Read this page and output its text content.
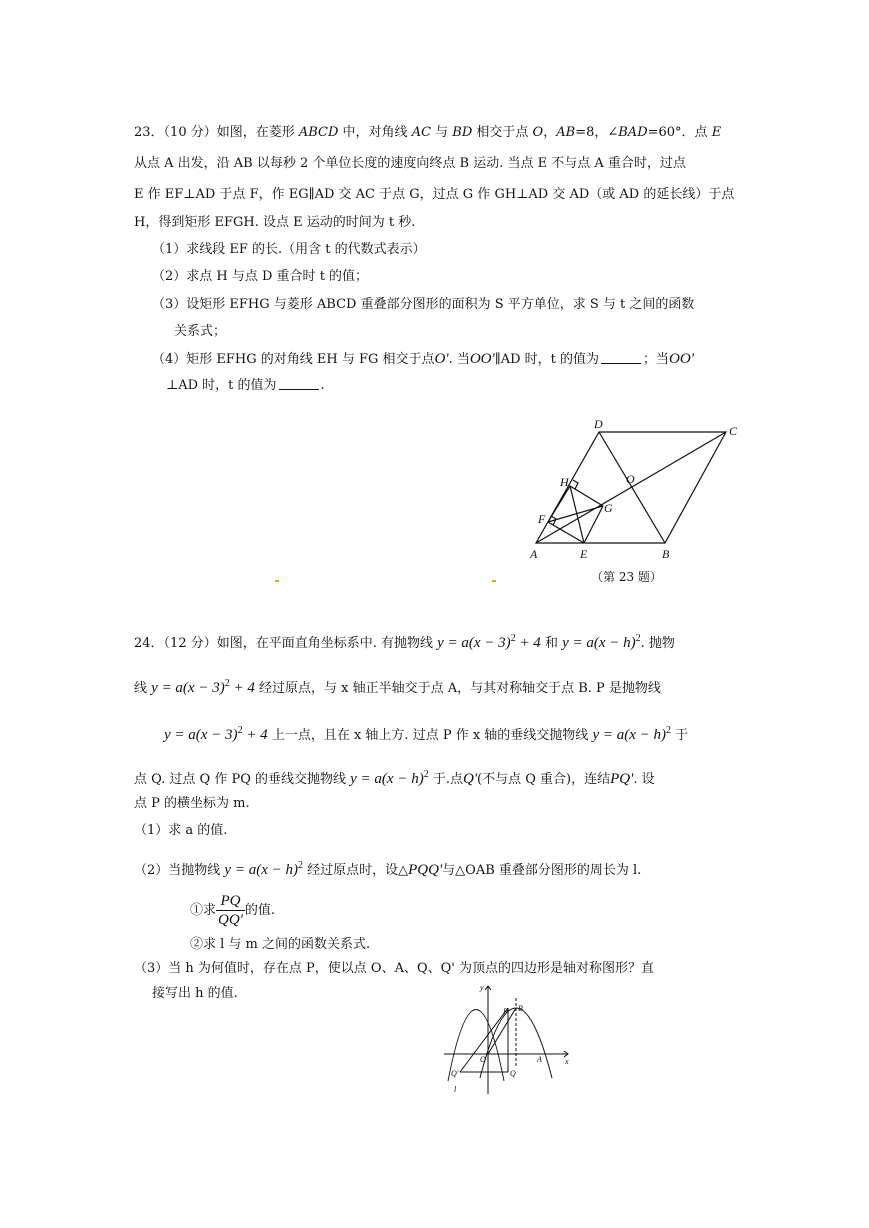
23．（10 分）如图，在菱形 ABCD 中，对角线 AC 与 BD 相交于点 O，AB=8，∠BAD=60°．点 E
从点 A 出发，沿 AB 以每秒 2 个单位长度的速度向终点 B 运动. 当点 E 不与点 A 重合时，过点
E 作 EF⊥AD 于点 F，作 EG∥AD 交 AC 于点 G，过点 G 作 GH⊥AD 交 AD（或 AD 的延长线）于点
H，得到矩形 EFGH. 设点 E 运动的时间为 t 秒.
（1）求线段 EF 的长.（用含 t 的代数式表示）
（2）求点 H 与点 D 重合时 t 的值；
（3）设矩形 EFHG 与菱形 ABCD 重叠部分图形的面积为 S 平方单位，求 S 与 t 之间的函数
关系式；
（4）矩形 EFHG 的对角线 EH 与 FG 相交于点O'. 当OO'∥AD 时，t 的值为	；当OO'
⊥AD 时，t 的值为	.
A	E	B
C
D
O
F
H
G
（第 23 题）
24．（12 分）如图，在平面直角坐标系中. 有抛物线 $y = a(x - 3)^2 + 4$ 和 $y = a(x - h)^2$. 抛物
线 $y = a(x - 3)^2 + 4$ 经过原点，与 x 轴正半轴交于点 A，与其对称轴交于点 B. P 是抛物线
$y = a(x - 3)^2 + 4$ 上一点，且在 x 轴上方. 过点 P 作 x 轴的垂线交抛物线 $y = a(x - h)^2$ 于
点 Q. 过点 Q 作 PQ 的垂线交抛物线 $y = a(x - h)^2$ 于.点Q'(不与点 Q 重合)，连结PQ'. 设
点 P 的横坐标为 m.
（1）求 a 的值.
（2）当抛物线 $y = a(x - h)^2$ 经过原点时，设△PQQ'与△OAB 重叠部分图形的周长为 l.
①求 $\frac{PQ}{QQ'}$ 的值.
②求 l 与 m 之间的函数关系式.
（3）当 h 为何值时，存在点 P，使以点 O、A、Q、Q' 为顶点的四边形是轴对称图形？直
接写出 h 的值.	y
x
O	A
B
P
Q
Q'
l
